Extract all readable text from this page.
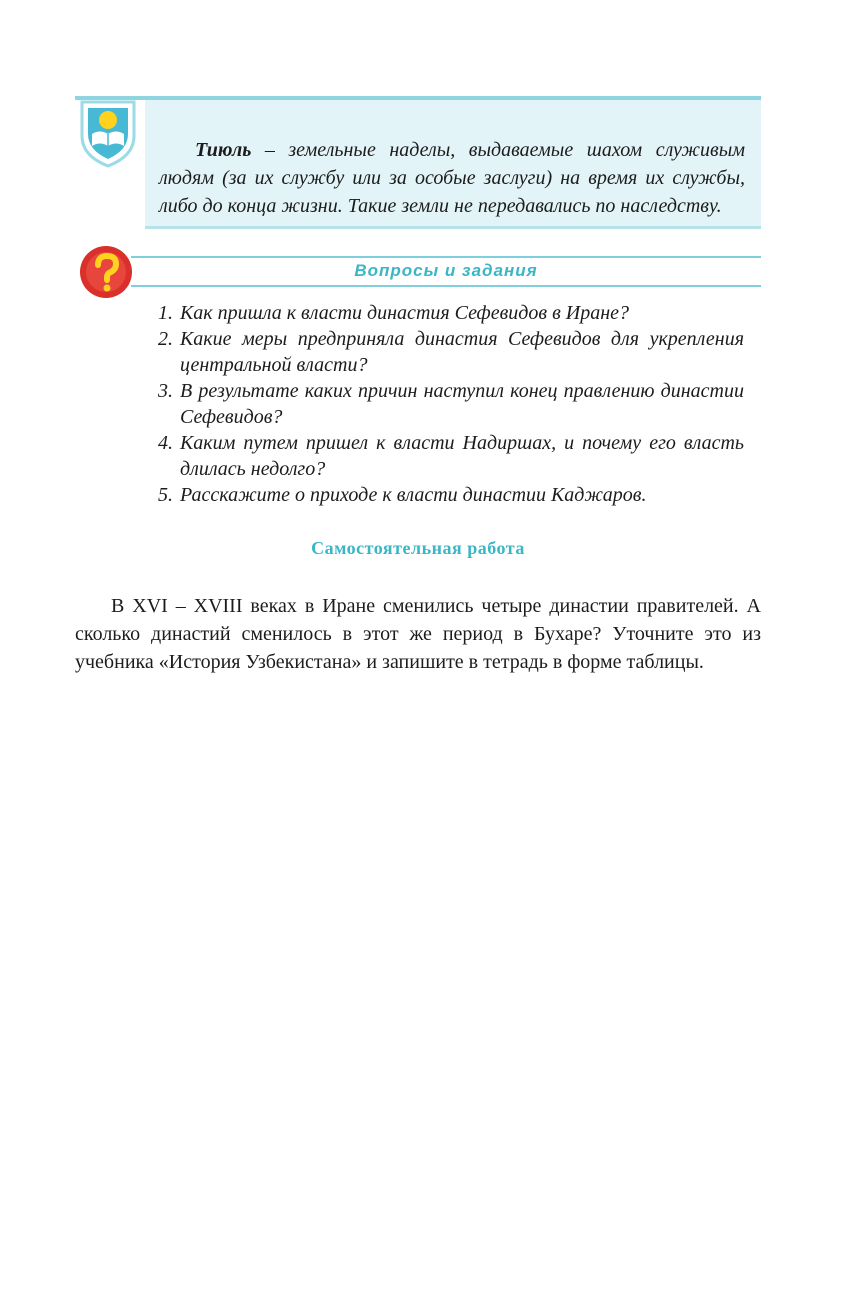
Тиюль – земельные наделы, выдаваемые шахом служивым людям (за их службу или за особые заслуги) на время их службы, либо до конца жизни. Такие земли не передавались по наследству.

Вопросы и задания

1. Как пришла к власти династия Сефевидов в Иране?

2. Какие меры предприняла династия Сефевидов для укрепления центральной власти?

3. В результате каких причин наступил конец правлению династии Сефевидов?

4. Каким путем пришел к власти Надиршах, и почему его власть длилась недолго?

5. Расскажите о приходе к власти династии Каджаров.

Самостоятельная работа

В XVI – XVIII веках в Иране сменились четыре династии правителей. А сколько династий сменилось в этот же период в Бухаре? Уточните это из учебника «История Узбекистана» и запишите в тетрадь в форме таблицы.
